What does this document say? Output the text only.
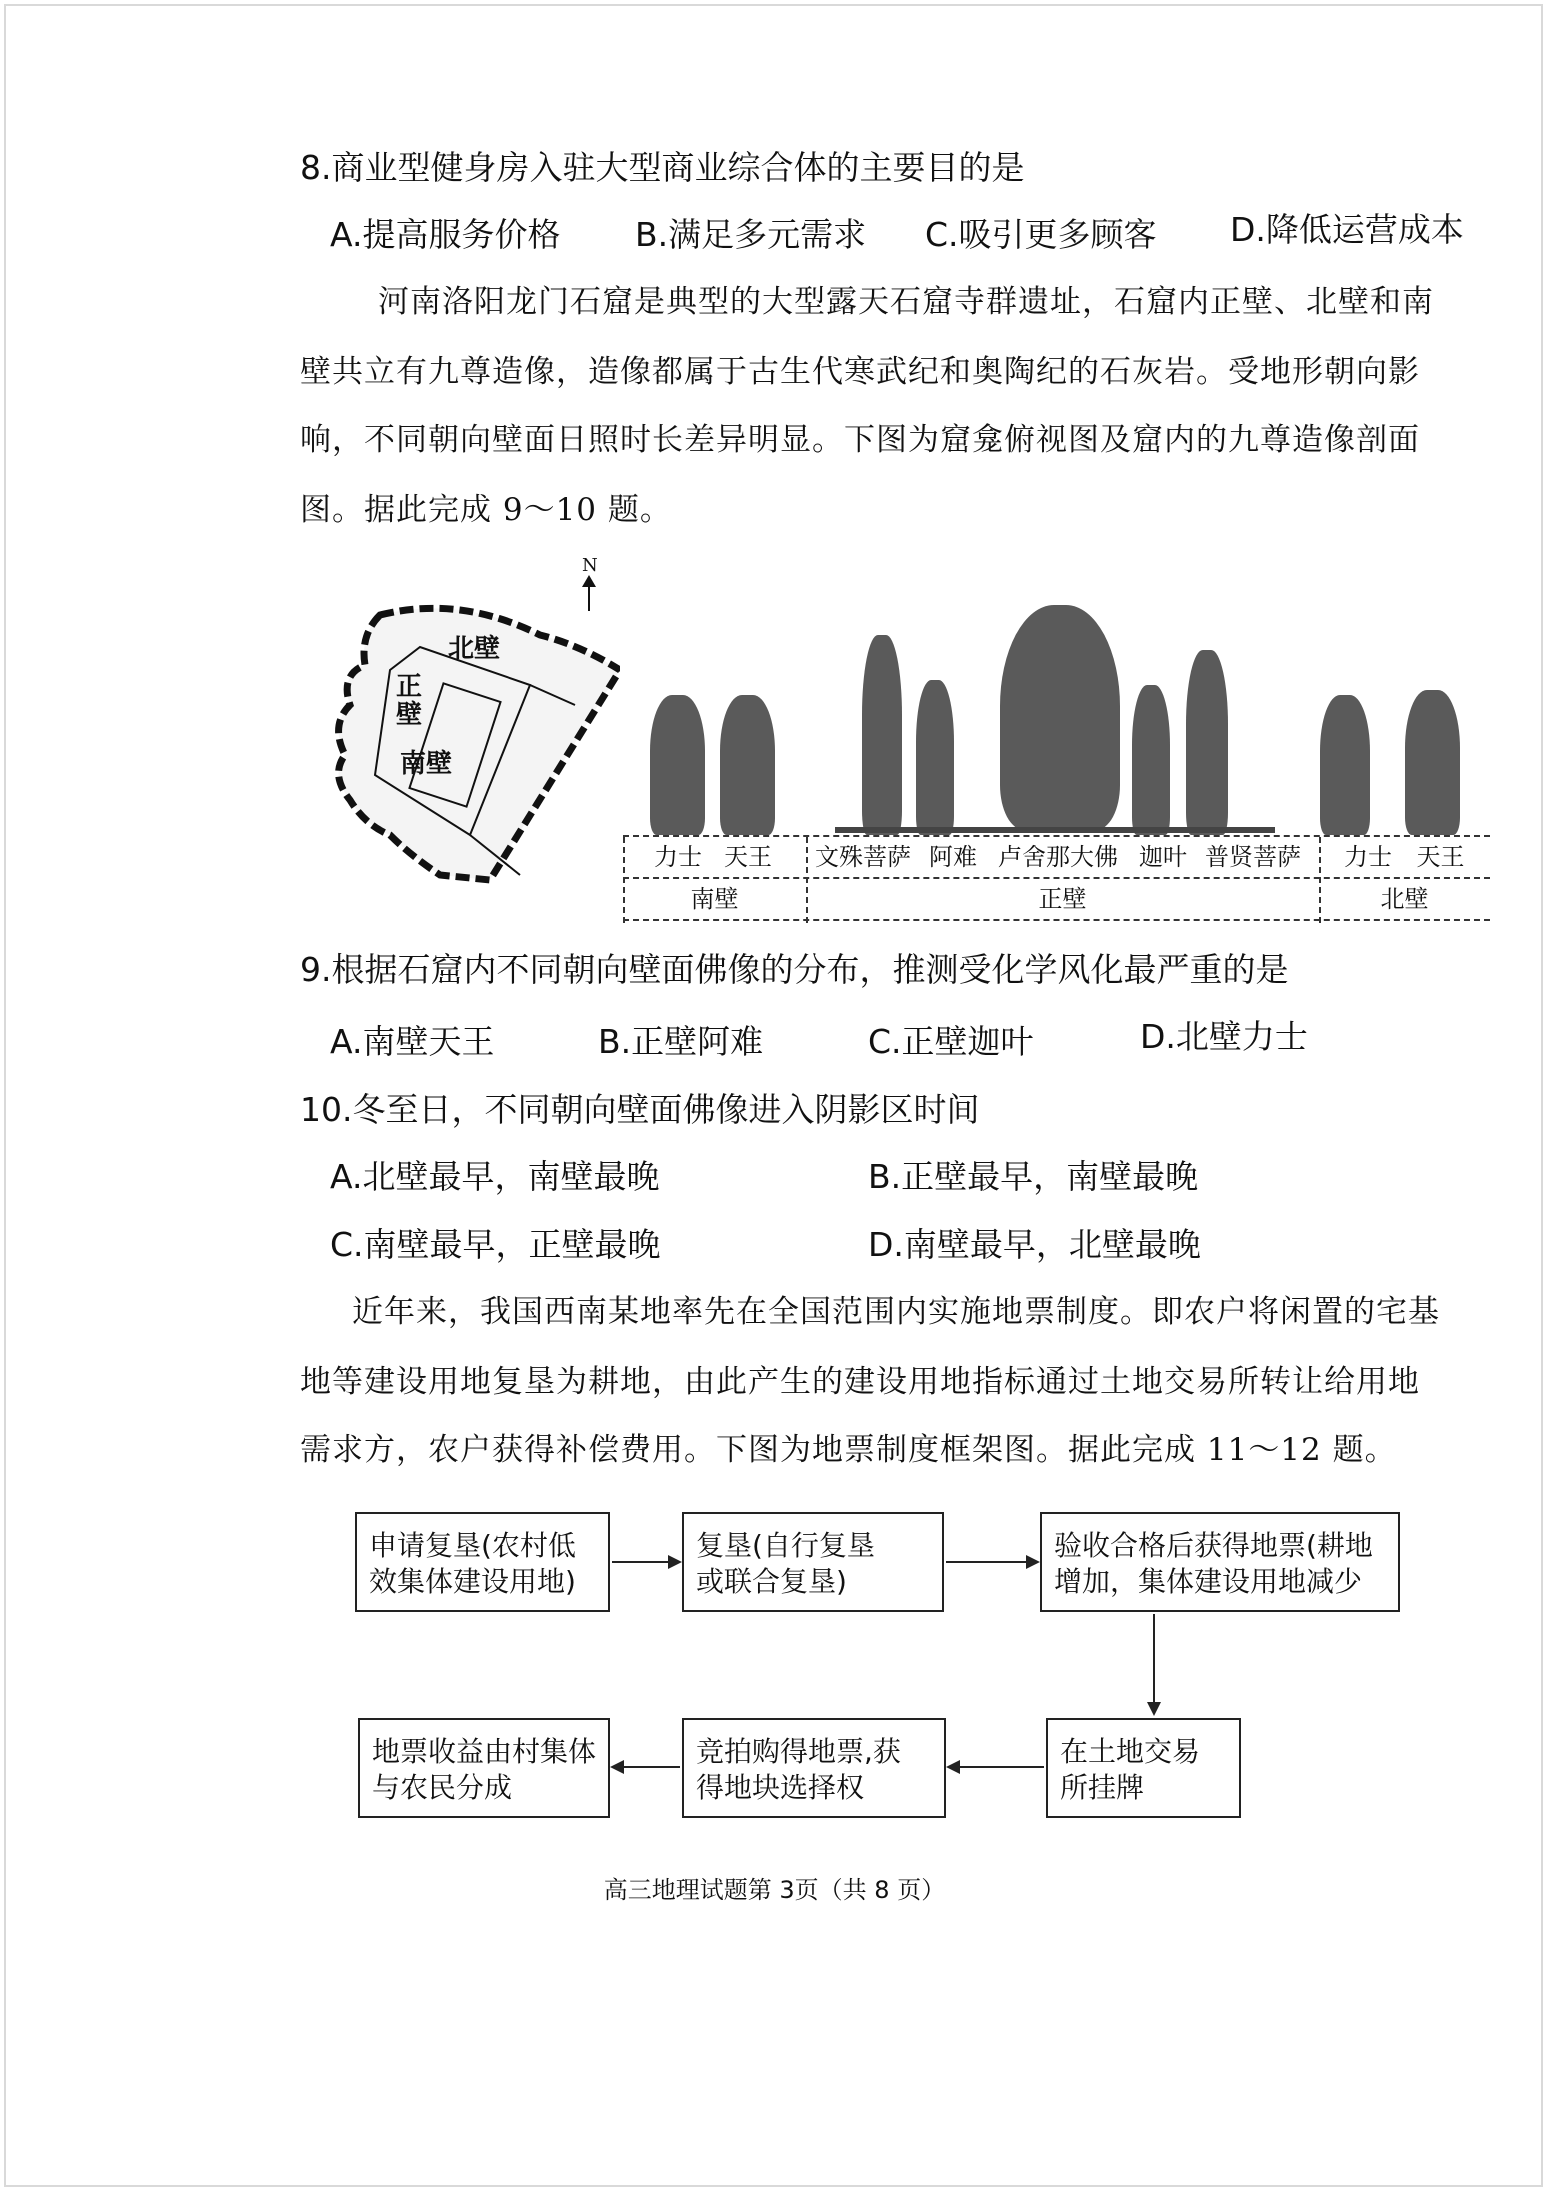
8.商业型健身房入驻大型商业综合体的主要目的是
A.提高服务价格 B.满足多元需求 C.吸引更多顾客 D.降低运营成本
河南洛阳龙门石窟是典型的大型露天石窟寺群遗址，石窟内正壁、北壁和南
壁共立有九尊造像，造像都属于古生代寒武纪和奥陶纪的石灰岩。受地形朝向影
响，不同朝向壁面日照时长差异明显。下图为窟龛俯视图及窟内的九尊造像剖面
图。据此完成 9～10 题。
北壁
正壁
南壁
N
力士 天王	文殊菩萨 阿难 卢舍那大佛 迦叶 普贤菩萨	力士	天王
南壁	正壁	北壁
9.根据石窟内不同朝向壁面佛像的分布，推测受化学风化最严重的是
A.南壁天王	B.正壁阿难	C.正壁迦叶	D.北壁力士
10.冬至日，不同朝向壁面佛像进入阴影区时间
A.北壁最早，南壁最晚	B.正壁最早，南壁最晚
C.南壁最早，正壁最晚	D.南壁最早，北壁最晚
近年来，我国西南某地率先在全国范围内实施地票制度。即农户将闲置的宅基
地等建设用地复垦为耕地，由此产生的建设用地指标通过土地交易所转让给用地
需求方，农户获得补偿费用。下图为地票制度框架图。据此完成 11～12 题。
申请复垦(农村低
效集体建设用地)
复垦(自行复垦
或联合复垦)
验收合格后获得地票(耕地
增加，集体建设用地减少
在土地交易
所挂牌
竞拍购得地票,获
得地块选择权
地票收益由村集体
与农民分成
高三地理试题第 3页（共 8 页）
